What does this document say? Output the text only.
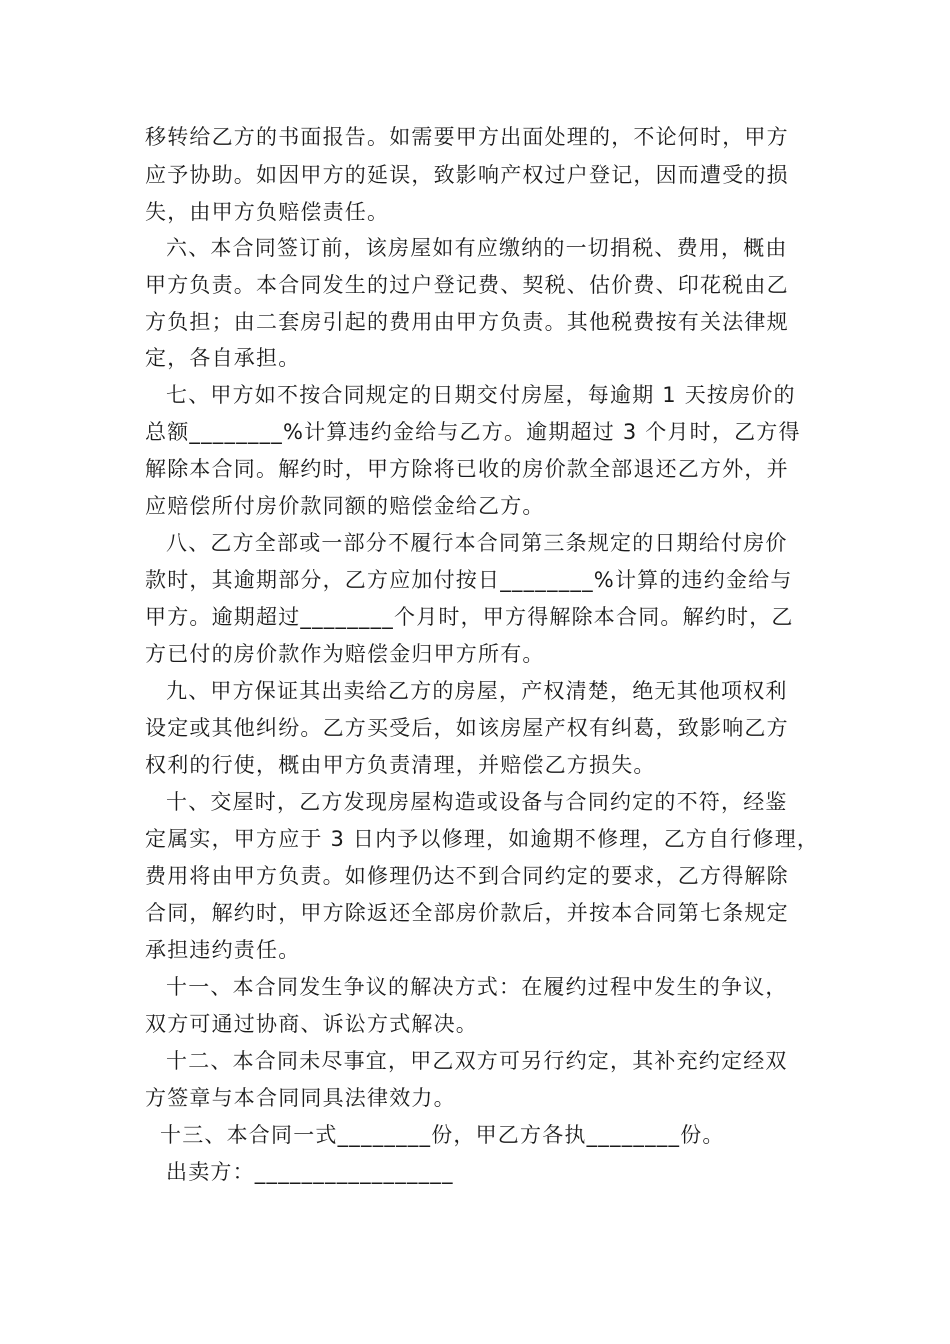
移转给乙方的书面报告。如需要甲方出面处理的，不论何时，甲方
应予协助。如因甲方的延误，致影响产权过户登记，因而遭受的损
失，由甲方负赔偿责任。
六、本合同签订前，该房屋如有应缴纳的一切捐税、费用，概由
甲方负责。本合同发生的过户登记费、契税、估价费、印花税由乙
方负担；由二套房引起的费用由甲方负责。其他税费按有关法律规
定，各自承担。
七、甲方如不按合同规定的日期交付房屋，每逾期 1 天按房价的
总额________%计算违约金给与乙方。逾期超过 3 个月时，乙方得
解除本合同。解约时，甲方除将已收的房价款全部退还乙方外，并
应赔偿所付房价款同额的赔偿金给乙方。
八、乙方全部或一部分不履行本合同第三条规定的日期给付房价
款时，其逾期部分，乙方应加付按日________%计算的违约金给与
甲方。逾期超过________个月时，甲方得解除本合同。解约时，乙
方已付的房价款作为赔偿金归甲方所有。
九、甲方保证其出卖给乙方的房屋，产权清楚，绝无其他项权利
设定或其他纠纷。乙方买受后，如该房屋产权有纠葛，致影响乙方
权利的行使，概由甲方负责清理，并赔偿乙方损失。
十、交屋时，乙方发现房屋构造或设备与合同约定的不符，经鉴
定属实，甲方应于 3 日内予以修理，如逾期不修理，乙方自行修理，
费用将由甲方负责。如修理仍达不到合同约定的要求，乙方得解除
合同，解约时，甲方除返还全部房价款后，并按本合同第七条规定
承担违约责任。
十一、本合同发生争议的解决方式：在履约过程中发生的争议，
双方可通过协商、诉讼方式解决。
十二、本合同未尽事宜，甲乙双方可另行约定，其补充约定经双
方签章与本合同同具法律效力。
十三、本合同一式________份，甲乙方各执________份。
出卖方：_________________
